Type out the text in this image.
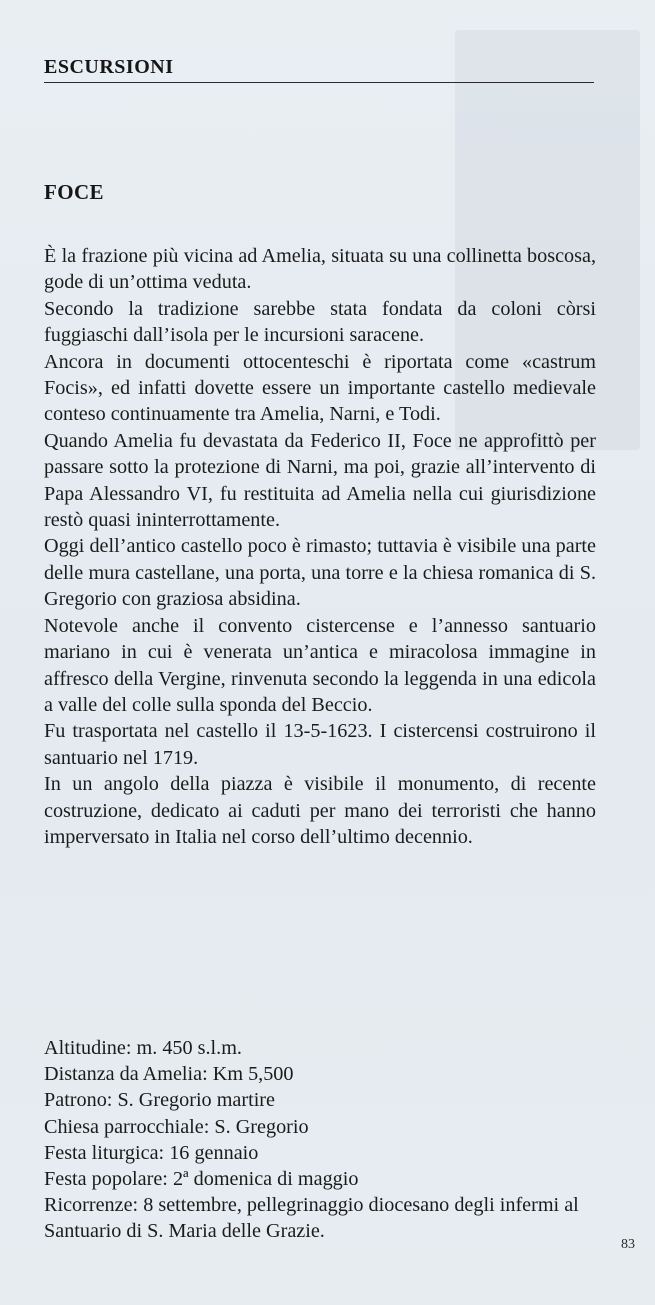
ESCURSIONI
FOCE

È la frazione più vicina ad Amelia, situata su una collinetta boscosa, gode di un’ottima veduta.

Secondo la tradizione sarebbe stata fondata da coloni còrsi fuggiaschi dall’isola per le incursioni saracene.

Ancora in documenti ottocenteschi è riportata come «castrum Focis», ed infatti dovette essere un importante castello medievale conteso continuamente tra Amelia, Narni, e Todi.

Quando Amelia fu devastata da Federico II, Foce ne approfittò per passare sotto la protezione di Narni, ma poi, grazie all’intervento di Papa Alessandro VI, fu restituita ad Amelia nella cui giurisdizione restò quasi ininterrottamente.

Oggi dell’antico castello poco è rimasto; tuttavia è visibile una parte delle mura castellane, una porta, una torre e la chiesa romanica di S. Gregorio con graziosa absidina.

Notevole anche il convento cistercense e l’annesso santuario mariano in cui è venerata un’antica e miracolosa immagine in affresco della Vergine, rinvenuta secondo la leggenda in una edicola a valle del colle sulla sponda del Beccio.

Fu trasportata nel castello il 13-5-1623. I cistercensi costruirono il santuario nel 1719.

In un angolo della piazza è visibile il monumento, di recente costruzione, dedicato ai caduti per mano dei terroristi che hanno imperversato in Italia nel corso dell’ultimo decennio.

Altitudine: m. 450 s.l.m.
Distanza da Amelia: Km 5,500
Patrono: S. Gregorio martire
Chiesa parrocchiale: S. Gregorio
Festa liturgica: 16 gennaio
Festa popolare: 2ª domenica di maggio
Ricorrenze: 8 settembre, pellegrinaggio diocesano degli infermi al Santuario di S. Maria delle Grazie.
83
